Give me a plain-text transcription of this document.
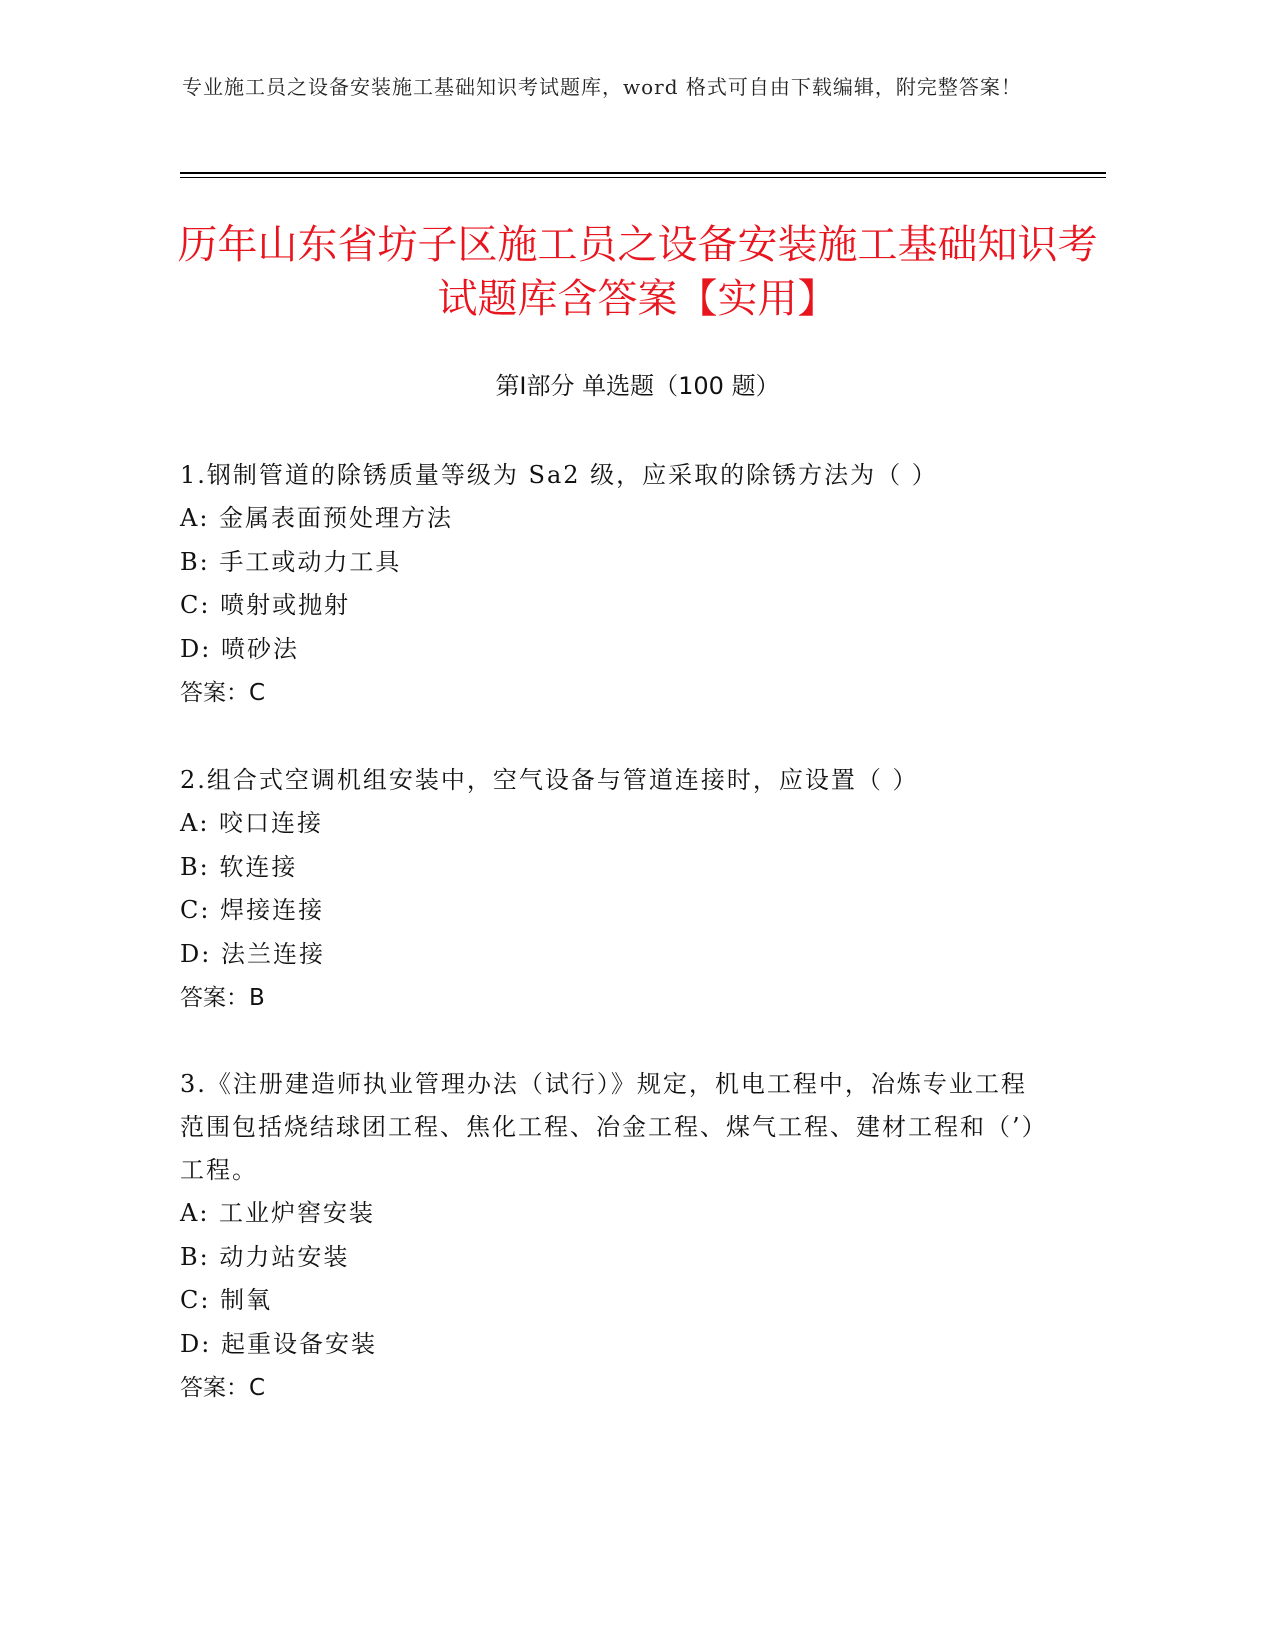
专业施工员之设备安装施工基础知识考试题库，word 格式可自由下载编辑，附完整答案！
历年山东省坊子区施工员之设备安装施工基础知识考试题库含答案【实用】
第Ⅰ部分 单选题（100 题）

1.钢制管道的除锈质量等级为 Sa2 级，应采取的除锈方法为（ ）

A: 金属表面预处理方法

B: 手工或动力工具

C: 喷射或抛射

D: 喷砂法

答案：C

2.组合式空调机组安装中，空气设备与管道连接时，应设置（ ）

A: 咬口连接

B: 软连接

C: 焊接连接

D: 法兰连接

答案：B

3.《注册建造师执业管理办法（试行）》规定，机电工程中，冶炼专业工程范围包括烧结球团工程、焦化工程、冶金工程、煤气工程、建材工程和（’）工程。

A: 工业炉窖安装

B: 动力站安装

C: 制氧

D: 起重设备安装

答案：C
